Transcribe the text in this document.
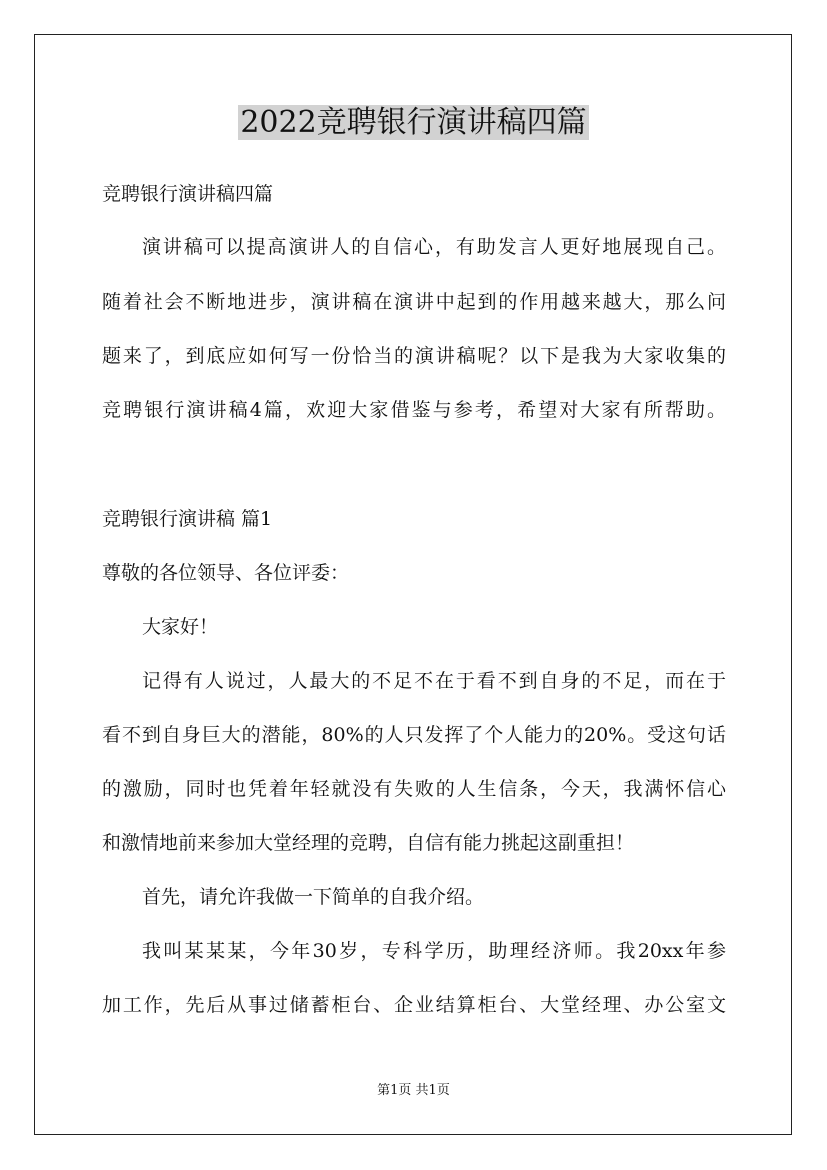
2022竞聘银行演讲稿四篇
竞聘银行演讲稿四篇
演讲稿可以提高演讲人的自信心，有助发言人更好地展现自己。
随着社会不断地进步，演讲稿在演讲中起到的作用越来越大，那么问
题来了，到底应如何写一份恰当的演讲稿呢？以下是我为大家收集的
竞聘银行演讲稿4篇，欢迎大家借鉴与参考，希望对大家有所帮助。
竞聘银行演讲稿 篇1
尊敬的各位领导、各位评委：
大家好！
记得有人说过，人最大的不足不在于看不到自身的不足，而在于
看不到自身巨大的潜能，80%的人只发挥了个人能力的20%。受这句话
的激励，同时也凭着年轻就没有失败的人生信条，今天，我满怀信心
和激情地前来参加大堂经理的竞聘，自信有能力挑起这副重担！
首先，请允许我做一下简单的自我介绍。
我叫某某某，今年30岁，专科学历，助理经济师。我20xx年参
加工作，先后从事过储蓄柜台、企业结算柜台、大堂经理、办公室文
第1页 共1页
